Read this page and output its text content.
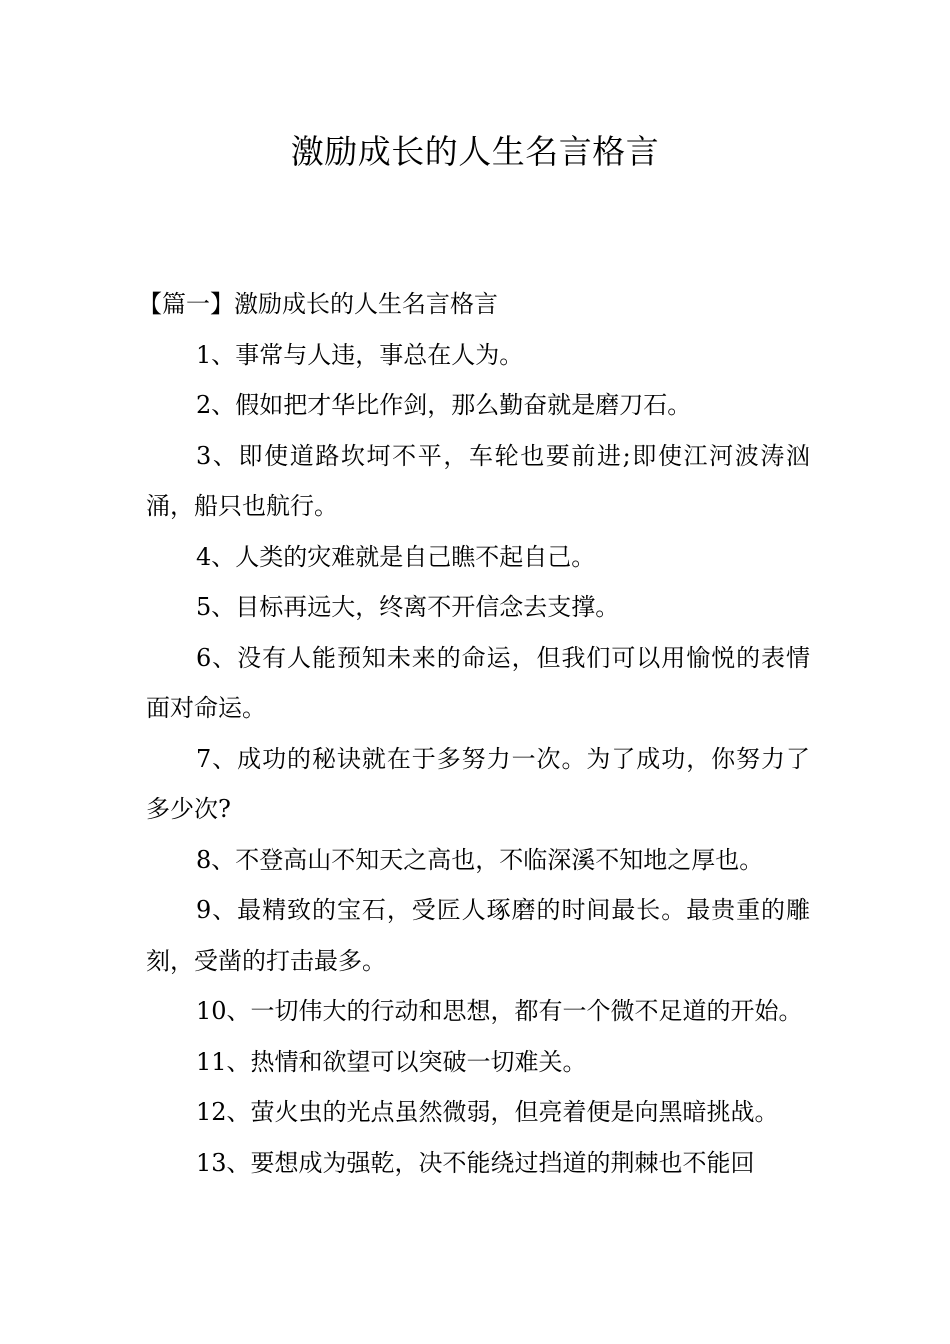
激励成长的人生名言格言
【篇一】激励成长的人生名言格言

1、事常与人违，事总在人为。

2、假如把才华比作剑，那么勤奋就是磨刀石。

3、即使道路坎坷不平，车轮也要前进;即使江河波涛汹涌，船只也航行。

4、人类的灾难就是自己瞧不起自己。

5、目标再远大，终离不开信念去支撑。

6、没有人能预知未来的命运，但我们可以用愉悦的表情面对命运。

7、成功的秘诀就在于多努力一次。为了成功，你努力了多少次?

8、不登高山不知天之高也，不临深溪不知地之厚也。

9、最精致的宝石，受匠人琢磨的时间最长。最贵重的雕刻，受凿的打击最多。

10、一切伟大的行动和思想，都有一个微不足道的开始。

11、热情和欲望可以突破一切难关。

12、萤火虫的光点虽然微弱，但亮着便是向黑暗挑战。

13、要想成为强乾，决不能绕过挡道的荆棘也不能回
